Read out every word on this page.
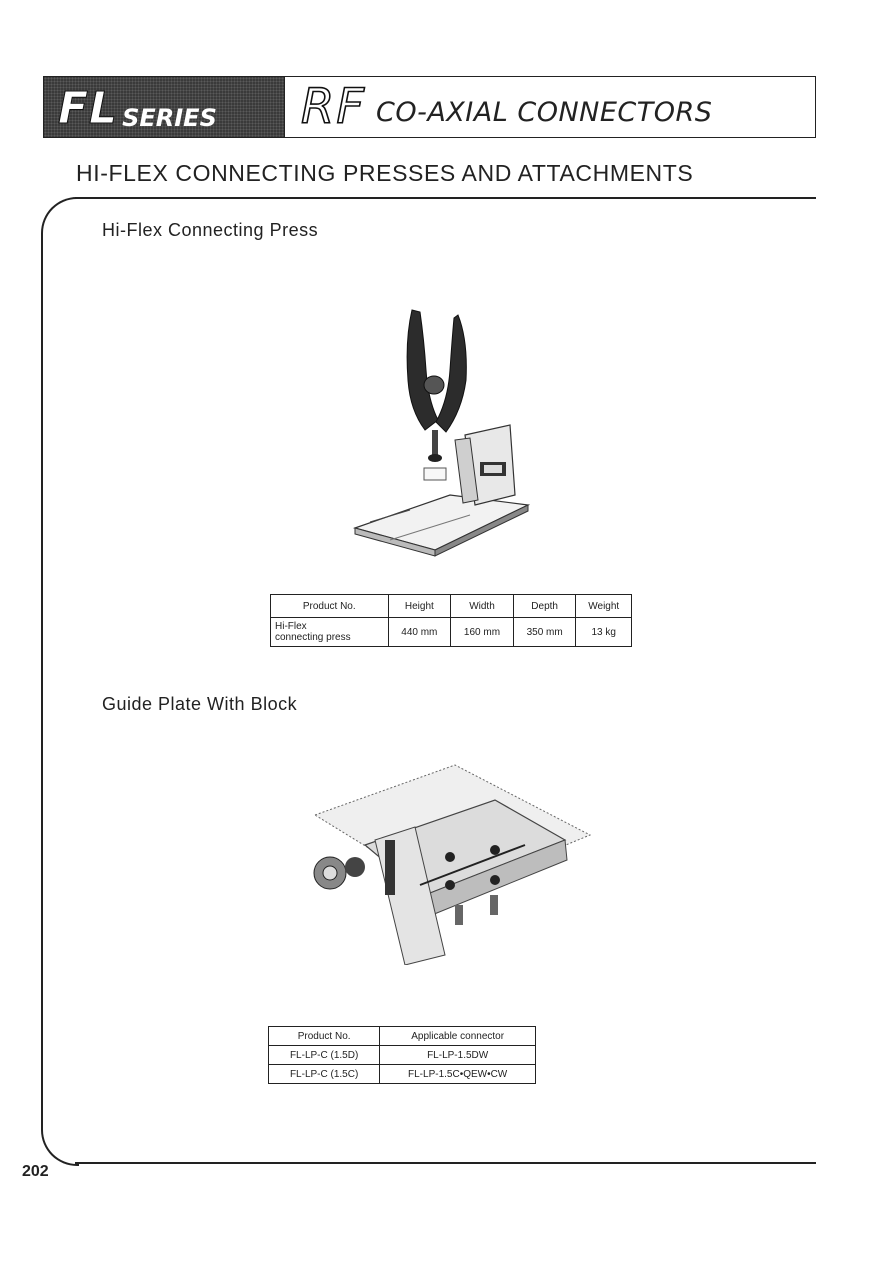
FL SERIES RF CO-AXIAL CONNECTORS
HI-FLEX CONNECTING PRESSES AND ATTACHMENTS
Hi-Flex Connecting Press
Product No.	Height	Width	Depth	Weight
Hi-Flex
connecting press	440 mm	160 mm	350 mm	13 kg
Guide Plate With Block
Product No.	Applicable connector
FL-LP-C (1.5D)	FL-LP-1.5DW
FL-LP-C (1.5C)	FL-LP-1.5C•QEW•CW
202
